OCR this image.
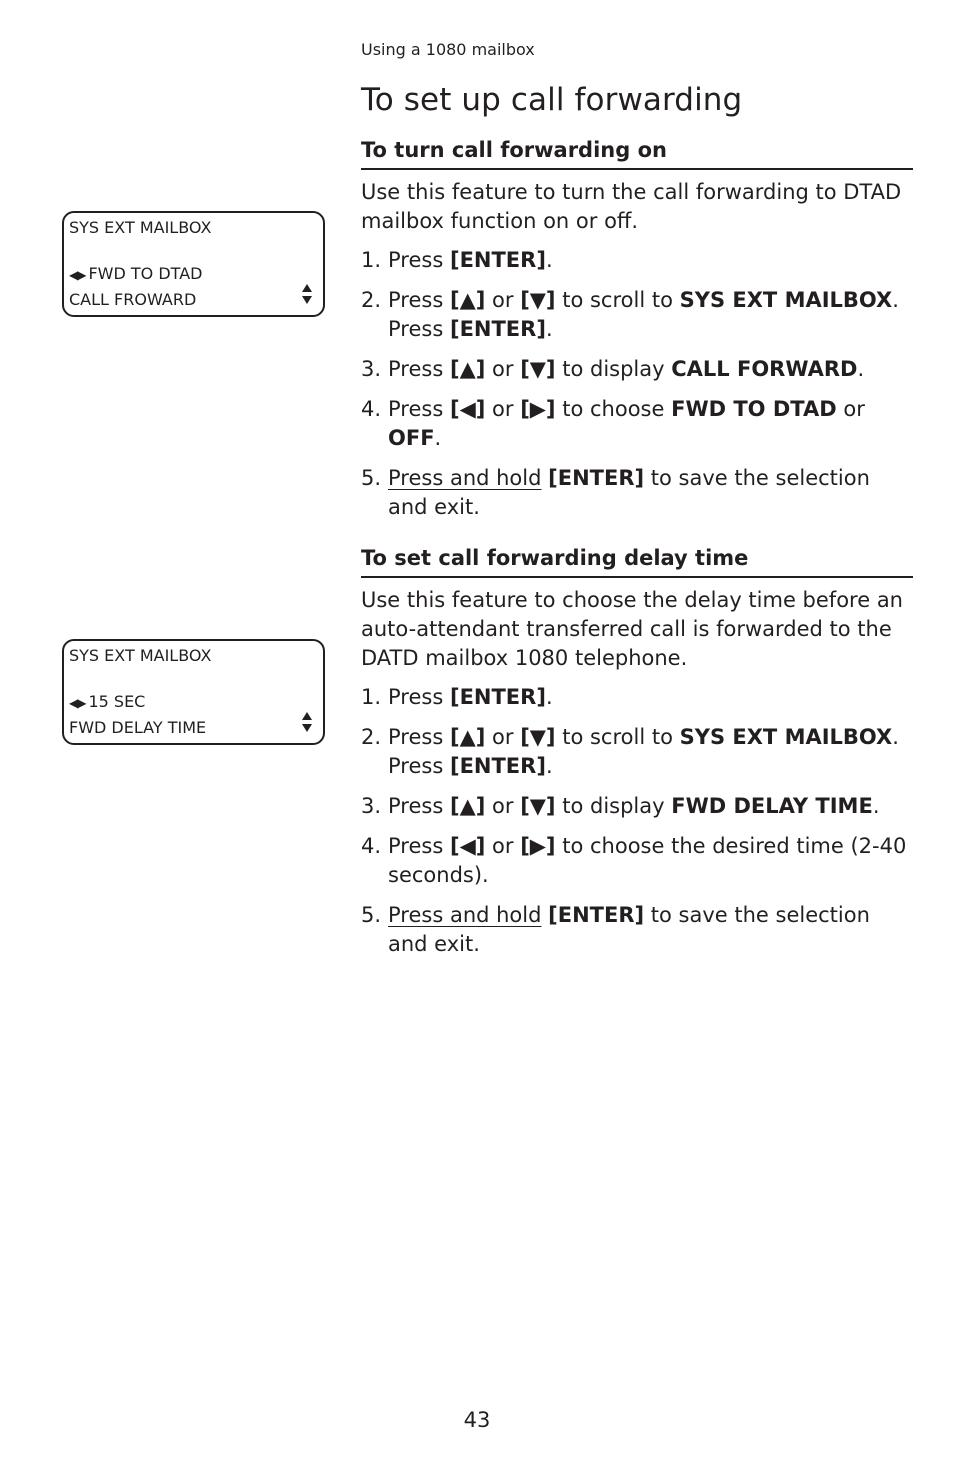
Using a 1080 mailbox
To set up call forwarding
SYS EXT MAILBOX
◀▶ FWD TO DTAD
CALL FROWARD
SYS EXT MAILBOX
◀▶ 15 SEC
FWD DELAY TIME
To turn call forwarding on

Use this feature to turn the call forwarding to DTAD mailbox function on or off.

1. Press [ENTER].
2. Press [▲] or [▼] to scroll to SYS EXT MAILBOX.
Press [ENTER].
3. Press [▲] or [▼] to display CALL FORWARD.
4. Press [◀] or [▶] to choose FWD TO DTAD or OFF.
5. Press and hold [ENTER] to save the selection and exit.
To set call forwarding delay time

Use this feature to choose the delay time before an auto-attendant transferred call is forwarded to the DATD mailbox 1080 telephone.

1. Press [ENTER].
2. Press [▲] or [▼] to scroll to SYS EXT MAILBOX.
Press [ENTER].
3. Press [▲] or [▼] to display FWD DELAY TIME.
4. Press [◀] or [▶] to choose the desired time (2-40 seconds).
5. Press and hold [ENTER] to save the selection and exit.
43
